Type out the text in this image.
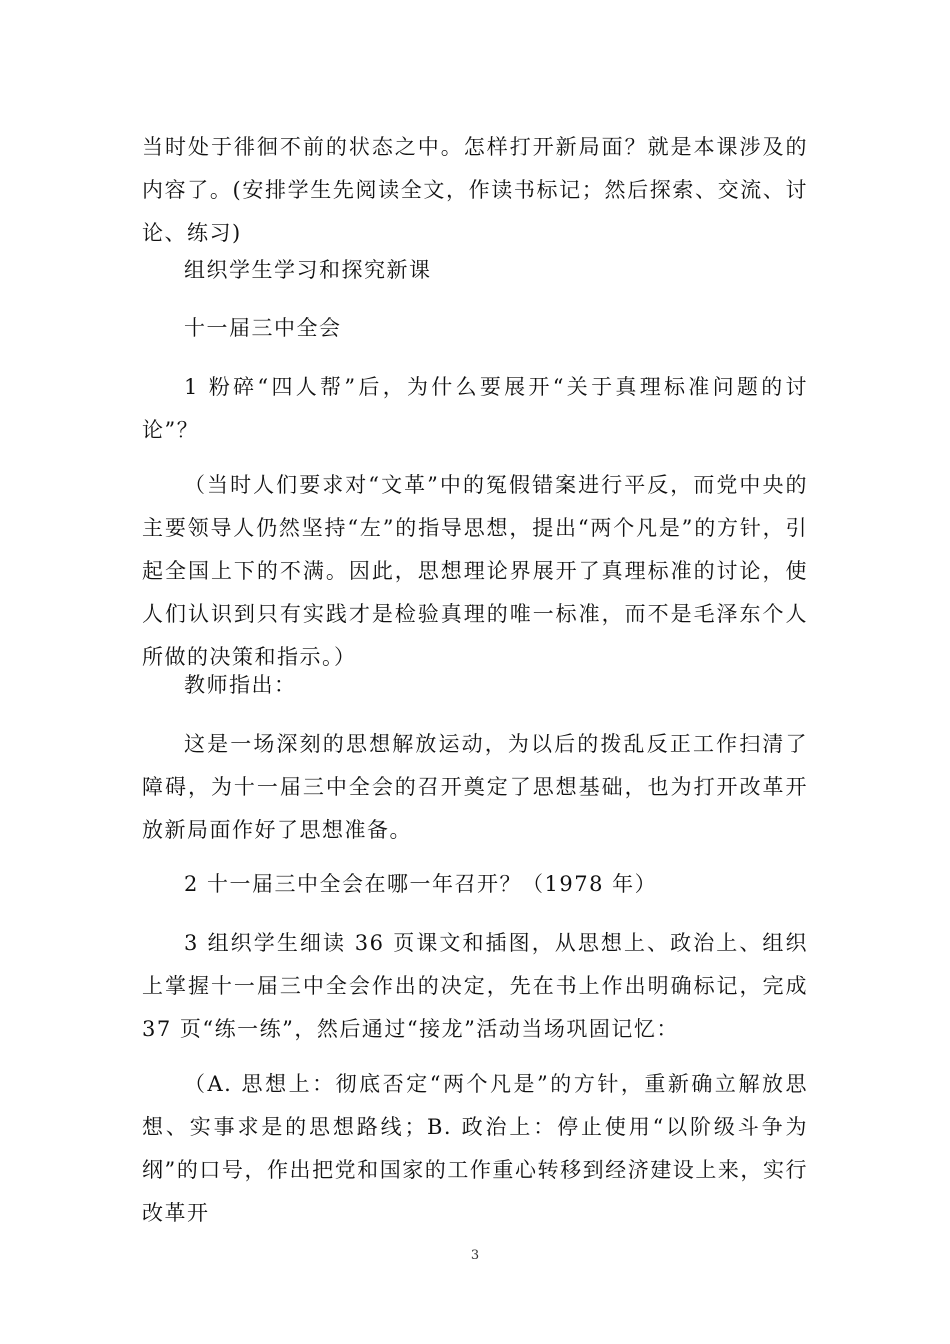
当时处于徘徊不前的状态之中。怎样打开新局面？就是本课涉及的内容了。(安排学生先阅读全文，作读书标记；然后探索、交流、讨论、练习)

组织学生学习和探究新课

十一届三中全会

1 粉碎“四人帮”后，为什么要展开“关于真理标准问题的讨论”？

（当时人们要求对“文革”中的冤假错案进行平反，而党中央的主要领导人仍然坚持“左”的指导思想，提出“两个凡是”的方针，引起全国上下的不满。因此，思想理论界展开了真理标准的讨论，使人们认识到只有实践才是检验真理的唯一标准，而不是毛泽东个人所做的决策和指示。）

教师指出：

这是一场深刻的思想解放运动，为以后的拨乱反正工作扫清了障碍，为十一届三中全会的召开奠定了思想基础，也为打开改革开放新局面作好了思想准备。

2 十一届三中全会在哪一年召开？（1978 年）

3 组织学生细读 36 页课文和插图，从思想上、政治上、组织上掌握十一届三中全会作出的决定，先在书上作出明确标记，完成 37 页“练一练”，然后通过“接龙”活动当场巩固记忆：

（A. 思想上：彻底否定“两个凡是”的方针，重新确立解放思想、实事求是的思想路线；B. 政治上：停止使用“以阶级斗争为纲”的口号，作出把党和国家的工作重心转移到经济建设上来，实行改革开

3
